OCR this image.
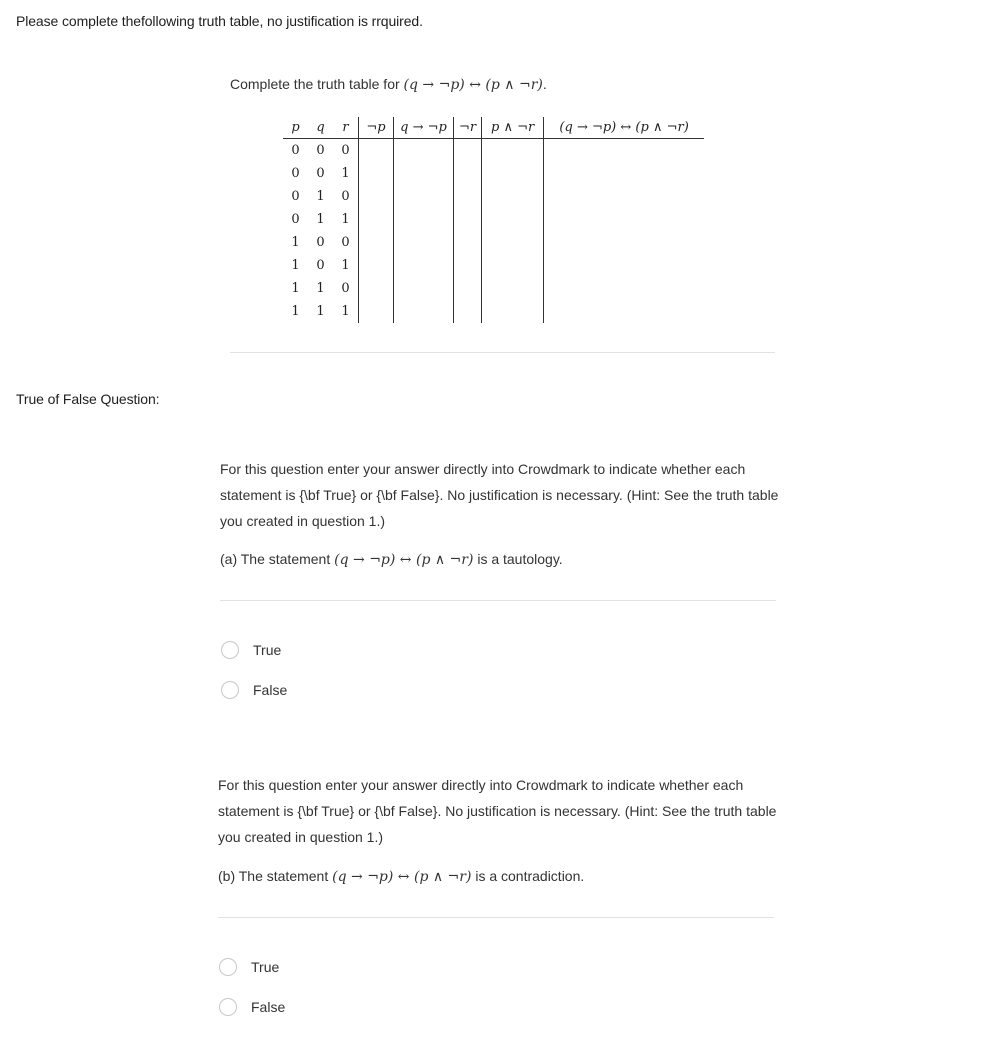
Please complete thefollowing truth table, no justification is rrquired.
Complete the truth table for (q → ¬p) ↔ (p ∧ ¬r).
p	q	r	¬p	q → ¬p	¬r	p ∧ ¬r	(q → ¬p) ↔ (p ∧ ¬r)
0	0	0					
0	0	1					
0	1	0					
0	1	1					
1	0	0					
1	0	1					
1	1	0					
1	1	1					
True of False Question:
For this question enter your answer directly into Crowdmark to indicate whether each statement is {\bf True} or {\bf False}. No justification is necessary. (Hint: See the truth table you created in question 1.)
(a) The statement (q → ¬p) ↔ (p ∧ ¬r) is a tautology.
True
False
For this question enter your answer directly into Crowdmark to indicate whether each statement is {\bf True} or {\bf False}. No justification is necessary. (Hint: See the truth table you created in question 1.)
(b) The statement (q → ¬p) ↔ (p ∧ ¬r) is a contradiction.
True
False
